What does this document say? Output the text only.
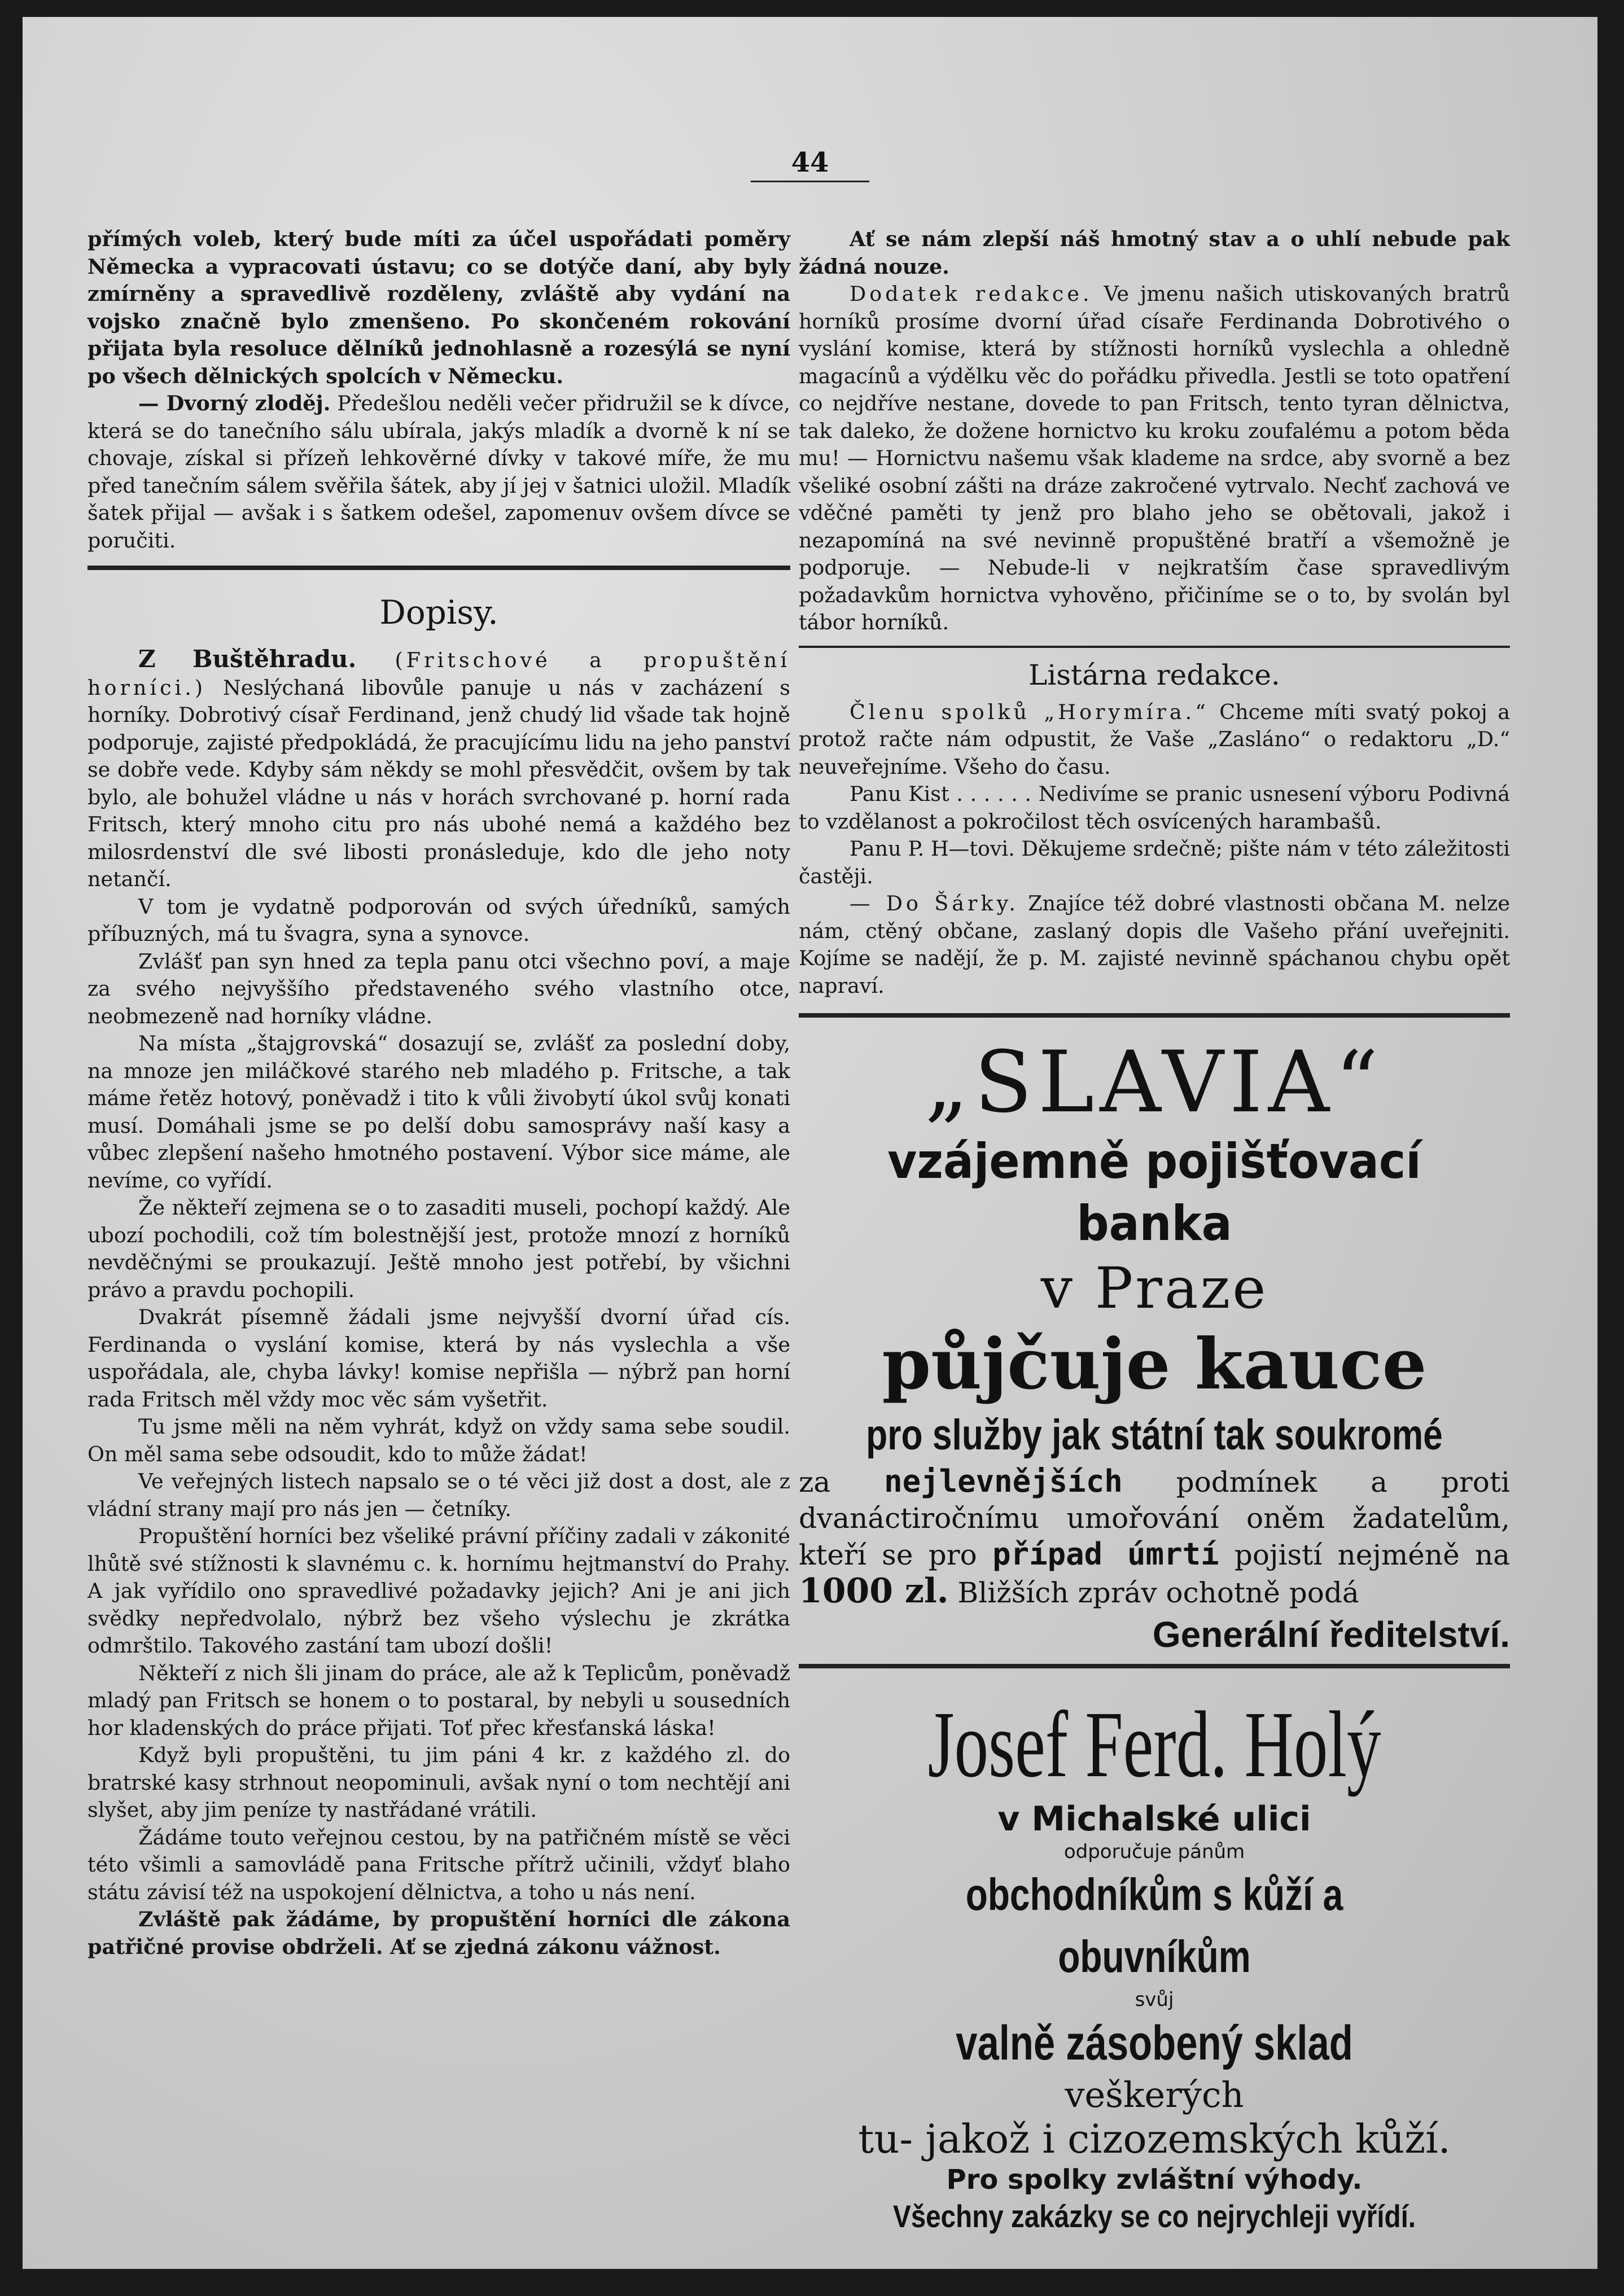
44

přímých voleb, který bude míti za účel uspořádati poměry Německa a vypracovati ústavu; co se dotýče daní, aby byly zmírněny a spravedlivě rozděleny, zvláště aby vydání na vojsko značně bylo zmenšeno. Po skončeném rokování přijata byla resoluce dělníků jednohlasně a rozesýlá se nyní po všech dělnických spolcích v Německu.

— Dvorný zloděj. Předešlou neděli večer přidružil se k dívce, která se do tanečního sálu ubírala, jakýs mladík a dvorně k ní se chovaje, získal si přízeň lehkověrné dívky v takové míře, že mu před tanečním sálem svěřila šátek, aby jí jej v šatnici uložil. Mladík šatek přijal — avšak i s šatkem odešel, zapomenuv ovšem dívce se poručiti.

Dopisy.

Z Buštěhradu. (Fritschové a propuštění horníci.) Neslýchaná libovůle panuje u nás v zacházení s horníky. Dobrotivý císař Ferdinand, jenž chudý lid všade tak hojně podporuje, zajisté předpokládá, že pracujícímu lidu na jeho panství se dobře vede. Kdyby sám někdy se mohl přesvědčit, ovšem by tak bylo, ale bohužel vládne u nás v horách svrchované p. horní rada Fritsch, který mnoho citu pro nás ubohé nemá a každého bez milosrdenství dle své libosti pronásleduje, kdo dle jeho noty netančí.

V tom je vydatně podporován od svých úředníků, samých příbuzných, má tu švagra, syna a synovce.

Zvlášť pan syn hned za tepla panu otci všechno poví, a maje za svého nejvyššího představeného svého vlastního otce, neobmezeně nad horníky vládne.

Na místa „štajgrovská“ dosazují se, zvlášť za poslední doby, na mnoze jen miláčkové starého neb mladého p. Fritsche, a tak máme řetěz hotový, poněvadž i tito k vůli živobytí úkol svůj konati musí. Domáhali jsme se po delší dobu samosprávy naší kasy a vůbec zlepšení našeho hmotného postavení. Výbor sice máme, ale nevíme, co vyřídí.

Že někteří zejmena se o to zasaditi museli, pochopí každý. Ale ubozí pochodili, což tím bolestnější jest, protože mnozí z horníků nevděčnými se proukazují. Ještě mnoho jest potřebí, by všichni právo a pravdu pochopili.

Dvakrát písemně žádali jsme nejvyšší dvorní úřad cís. Ferdinanda o vyslání komise, která by nás vyslechla a vše uspořádala, ale, chyba lávky! komise nepřišla — nýbrž pan horní rada Fritsch měl vždy moc věc sám vyšetřit.

Tu jsme měli na něm vyhrát, když on vždy sama sebe soudil. On měl sama sebe odsoudit, kdo to může žádat!

Ve veřejných listech napsalo se o té věci již dost a dost, ale z vládní strany mají pro nás jen — četníky.

Propuštění horníci bez všeliké právní příčiny zadali v zákonité lhůtě své stížnosti k slavnému c. k. hornímu hejtmanství do Prahy. A jak vyřídilo ono spravedlivé požadavky jejich? Ani je ani jich svědky nepředvolalo, nýbrž bez všeho výslechu je zkrátka odmrštilo. Takového zastání tam ubozí došli!

Někteří z nich šli jinam do práce, ale až k Teplicům, poněvadž mladý pan Fritsch se honem o to postaral, by nebyli u sousedních hor kladenských do práce přijati. Toť přec křesťanská láska!

Když byli propuštěni, tu jim páni 4 kr. z každého zl. do bratrské kasy strhnout neopominuli, avšak nyní o tom nechtějí ani slyšet, aby jim peníze ty nastřádané vrátili.

Žádáme touto veřejnou cestou, by na patřičném místě se věci této všimli a samovládě pana Fritsche přítrž učinili, vždyť blaho státu závisí též na uspokojení dělnictva, a toho u nás není.

Zvláště pak žádáme, by propuštění horníci dle zákona patřičné provise obdrželi. Ať se zjedná zákonu vážnost.

Ať se nám zlepší náš hmotný stav a o uhlí nebude pak žádná nouze.

Dodatek redakce. Ve jmenu našich utiskovaných bratrů horníků prosíme dvorní úřad císaře Ferdinanda Dobrotivého o vyslání komise, která by stížnosti horníků vyslechla a ohledně magacínů a výdělku věc do pořádku přivedla. Jestli se toto opatření co nejdříve nestane, dovede to pan Fritsch, tento tyran dělnictva, tak daleko, že dožene hornictvo ku kroku zoufalému a potom běda mu! — Hornictvu našemu však klademe na srdce, aby svorně a bez všeliké osobní zášti na dráze zakročené vytrvalo. Nechť zachová ve vděčné paměti ty jenž pro blaho jeho se obětovali, jakož i nezapomíná na své nevinně propuštěné bratří a všemožně je podporuje. — Nebude-li v nejkratším čase spravedlivým požadavkům hornictva vyhověno, přičiníme se o to, by svolán byl tábor horníků.

Listárna redakce.

Členu spolků „Horymíra.“ Chceme míti svatý pokoj a protož račte nám odpustit, že Vaše „Zasláno“ o redaktoru „D.“ neuveřejníme. Všeho do času.

Panu Kist . . . . . . Nedivíme se pranic usnesení výboru Podivná to vzdělanost a pokročilost těch osvícených harambašů.

Panu P. H—tovi. Děkujeme srdečně; pište nám v této záležitosti častěji.

— Do Šárky. Znajíce též dobré vlastnosti občana M. nelze nám, ctěný občane, zaslaný dopis dle Vašeho přání uveřejniti. Kojíme se nadějí, že p. M. zajisté nevinně spáchanou chybu opět napraví.

„SLAVIA“
vzájemně pojišťovací banka
v Praze
půjčuje kauce
pro služby jak státní tak soukromé

za nejlevnějších podmínek a proti dvanáctiročnímu umořování oněm žadatelům, kteří se pro případ úmrtí pojistí nejméně na 1000 zl. Bližších zpráv ochotně podá

Generální ředitelství.
Josef Ferd. Holý
v Michalské ulici
odporučuje pánům
obchodníkům s kůží a obuvníkům
svůj
valně zásobený sklad
veškerých
tu- jakož i cizozemských kůží.
Pro spolky zvláštní výhody.
Všechny zakázky se co nejrychleji vyřídí.
